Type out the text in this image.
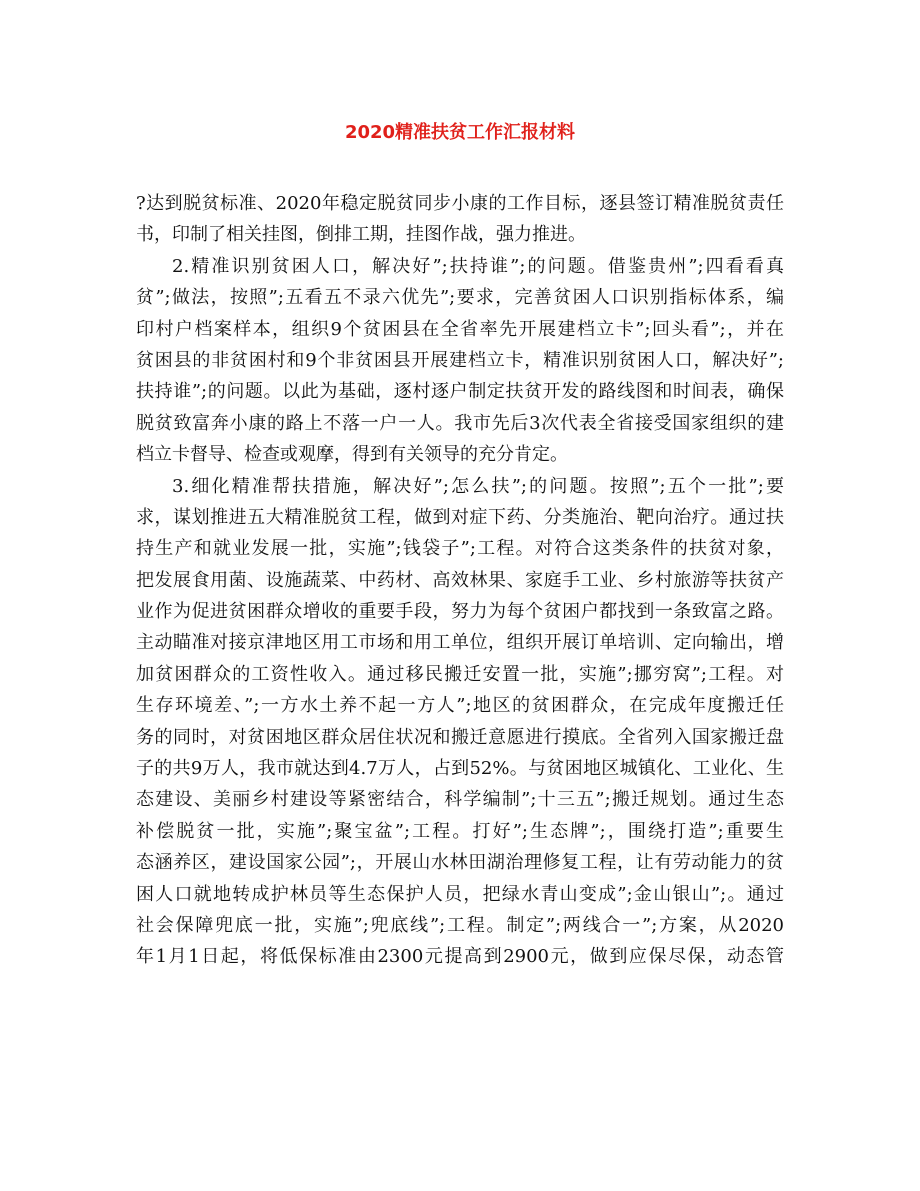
2020精准扶贫工作汇报材料
?达到脱贫标准、2020年稳定脱贫同步小康的工作目标，逐县签订精准脱贫责任
书，印制了相关挂图，倒排工期，挂图作战，强力推进。
2.精准识别贫困人口，解决好”;扶持谁”;的问题。借鉴贵州”;四看看真
贫”;做法，按照”;五看五不录六优先”;要求，完善贫困人口识别指标体系，编
印村户档案样本，组织9个贫困县在全省率先开展建档立卡”;回头看”;，并在
贫困县的非贫困村和9个非贫困县开展建档立卡，精准识别贫困人口，解决好”;
扶持谁”;的问题。以此为基础，逐村逐户制定扶贫开发的路线图和时间表，确保
脱贫致富奔小康的路上不落一户一人。我市先后3次代表全省接受国家组织的建
档立卡督导、检查或观摩，得到有关领导的充分肯定。
3.细化精准帮扶措施，解决好”;怎么扶”;的问题。按照”;五个一批”;要
求，谋划推进五大精准脱贫工程，做到对症下药、分类施治、靶向治疗。通过扶
持生产和就业发展一批，实施”;钱袋子”;工程。对符合这类条件的扶贫对象，
把发展食用菌、设施蔬菜、中药材、高效林果、家庭手工业、乡村旅游等扶贫产
业作为促进贫困群众增收的重要手段，努力为每个贫困户都找到一条致富之路。
主动瞄准对接京津地区用工市场和用工单位，组织开展订单培训、定向输出，增
加贫困群众的工资性收入。通过移民搬迁安置一批，实施”;挪穷窝”;工程。对
生存环境差、”;一方水土养不起一方人”;地区的贫困群众，在完成年度搬迁任
务的同时，对贫困地区群众居住状况和搬迁意愿进行摸底。全省列入国家搬迁盘
子的共9万人，我市就达到4.7万人，占到52%。与贫困地区城镇化、工业化、生
态建设、美丽乡村建设等紧密结合，科学编制”;十三五”;搬迁规划。通过生态
补偿脱贫一批，实施”;聚宝盆”;工程。打好”;生态牌”;，围绕打造”;重要生
态涵养区，建设国家公园”;，开展山水林田湖治理修复工程，让有劳动能力的贫
困人口就地转成护林员等生态保护人员，把绿水青山变成”;金山银山”;。通过
社会保障兜底一批，实施”;兜底线”;工程。制定”;两线合一”;方案，从2020
年1月1日起，将低保标准由2300元提高到2900元，做到应保尽保，动态管
